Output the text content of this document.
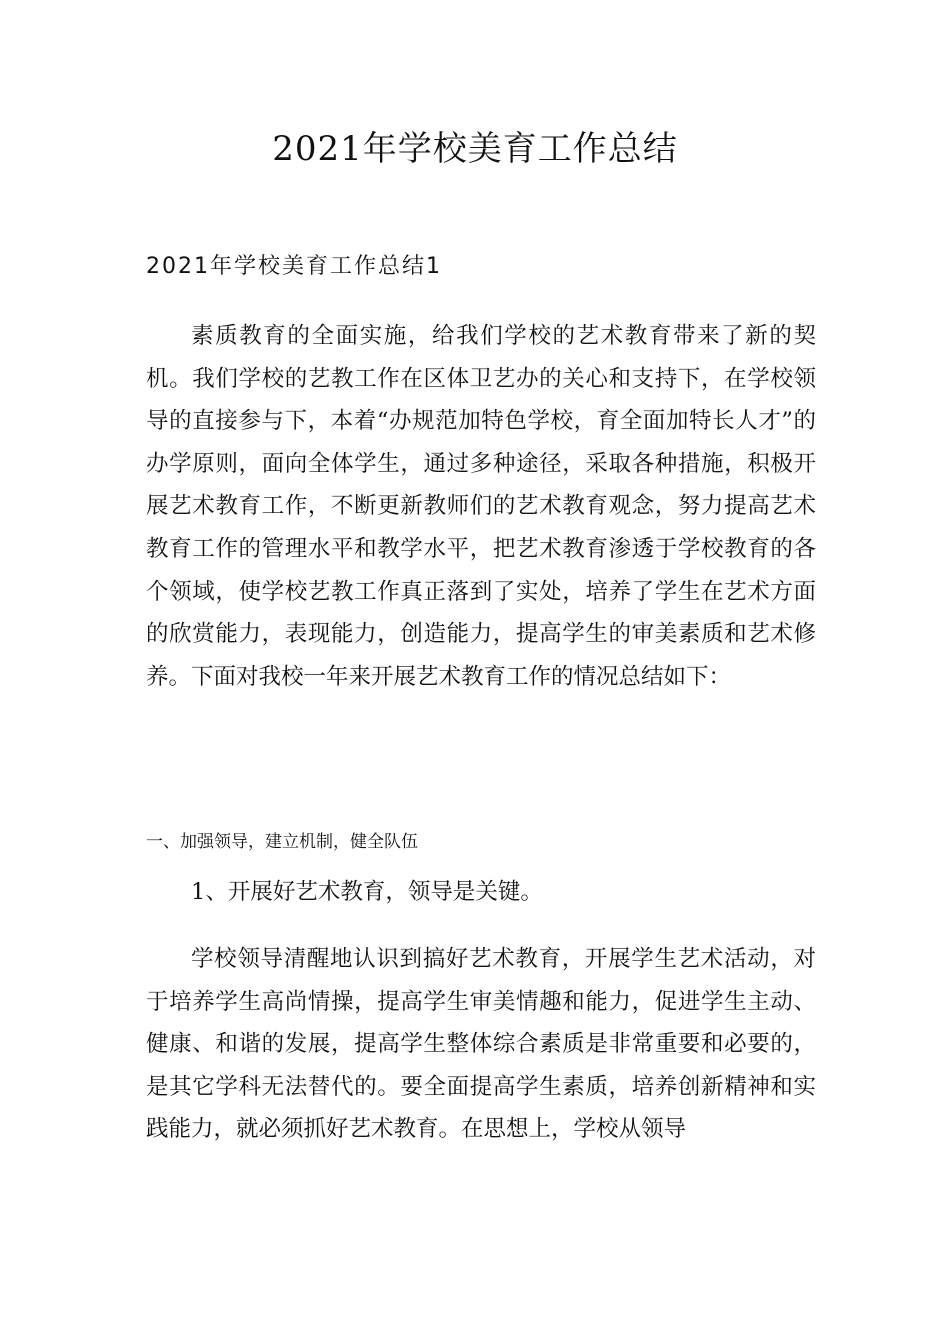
2021年学校美育工作总结
2021年学校美育工作总结1

素质教育的全面实施，给我们学校的艺术教育带来了新的契机。我们学校的艺教工作在区体卫艺办的关心和支持下，在学校领导的直接参与下，本着“办规范加特色学校，育全面加特长人才”的办学原则，面向全体学生，通过多种途径，采取各种措施，积极开展艺术教育工作，不断更新教师们的艺术教育观念，努力提高艺术教育工作的管理水平和教学水平，把艺术教育渗透于学校教育的各个领域，使学校艺教工作真正落到了实处，培养了学生在艺术方面的欣赏能力，表现能力，创造能力，提高学生的审美素质和艺术修养。下面对我校一年来开展艺术教育工作的情况总结如下：

一、加强领导，建立机制，健全队伍
1、开展好艺术教育，领导是关键。

学校领导清醒地认识到搞好艺术教育，开展学生艺术活动，对于培养学生高尚情操，提高学生审美情趣和能力，促进学生主动、健康、和谐的发展，提高学生整体综合素质是非常重要和必要的，是其它学科无法替代的。要全面提高学生素质，培养创新精神和实践能力，就必须抓好艺术教育。在思想上，学校从领导
